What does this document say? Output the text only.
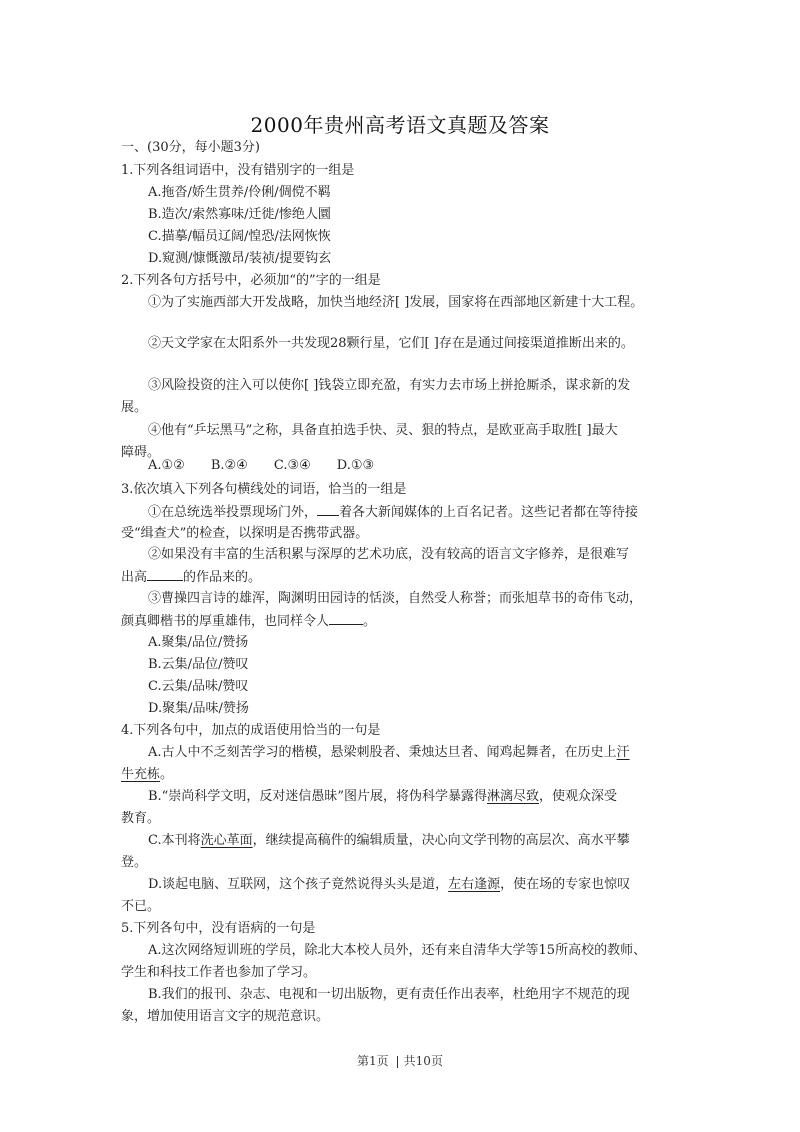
2000年贵州高考语文真题及答案
一、(30分，每小题3分)
1.下列各组词语中，没有错别字的一组是
A.拖沓/娇生贯养/伶俐/倜傥不羁
B.造次/索然寡味/迁徙/惨绝人圜
C.描摹/幅员辽阔/惶恐/法网恢恢
D.窥测/慷慨激昂/装祯/提要钩玄
2.下列各句方括号中，必须加“的”字的一组是
①为了实施西部大开发战略，加快当地经济[ ]发展，国家将在西部地区新建十大工程。
②天文学家在太阳系外一共发现28颗行星，它们[ ]存在是通过间接渠道推断出来的。
③风险投资的注入可以使你[ ]钱袋立即充盈，有实力去市场上拼抢厮杀，谋求新的发
展。
④他有“乒坛黑马”之称，具备直拍选手快、灵、狠的特点，是欧亚高手取胜[ ]最大
障碍。
A.①② B.②④ C.③④ D.①③
3.依次填入下列各句横线处的词语，恰当的一组是
①在总统选举投票现场门外， 着各大新闻媒体的上百名记者。这些记者都在等待接
受“缉查犬”的检查，以探明是否携带武器。
②如果没有丰富的生活积累与深厚的艺术功底，没有较高的语言文字修养，是很难写
出高	的作品来的。
③曹操四言诗的雄浑，陶渊明田园诗的恬淡，自然受人称誉；而张旭草书的奇伟飞动，
颜真卿楷书的厚重雄伟，也同样令人	。
A.聚集/品位/赞扬
B.云集/品位/赞叹
C.云集/品味/赞叹
D.聚集/品味/赞扬
4.下列各句中，加点的成语使用恰当的一句是
A.古人中不乏刻苦学习的楷模，悬梁刺股者、秉烛达旦者、闻鸡起舞者，在历史上汗
牛充栋。
B.“崇尚科学文明，反对迷信愚昧”图片展，将伪科学暴露得淋漓尽致，使观众深受
教育。
C.本刊将洗心革面，继续提高稿件的编辑质量，决心向文学刊物的高层次、高水平攀
登。
D.谈起电脑、互联网，这个孩子竟然说得头头是道，左右逢源，使在场的专家也惊叹
不已。
5.下列各句中，没有语病的一句是
A.这次网络短训班的学员，除北大本校人员外，还有来自清华大学等15所高校的教师、
学生和科技工作者也参加了学习。
B.我们的报刊、杂志、电视和一切出版物，更有责任作出表率，杜绝用字不规范的现
象，增加使用语言文字的规范意识。
第1页 共10页
